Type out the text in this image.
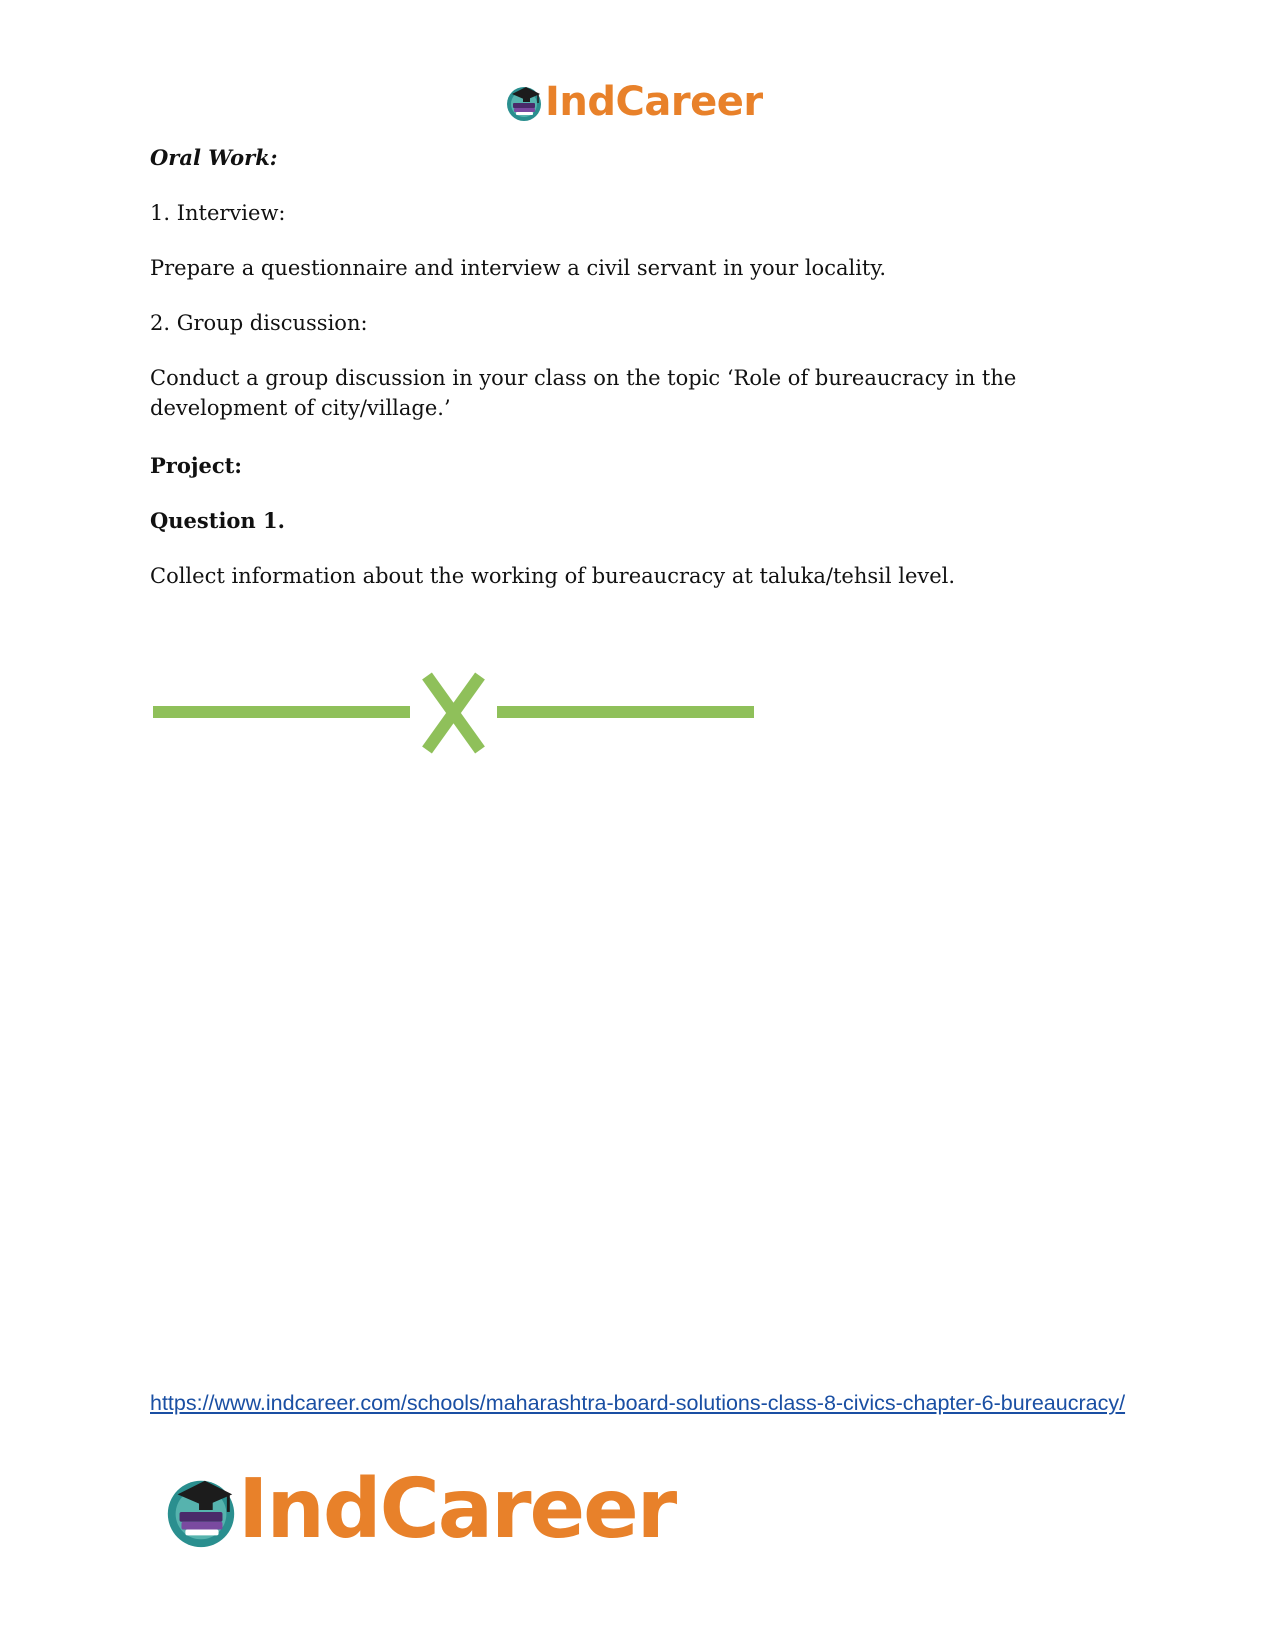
IndCareer

Oral Work:

1. Interview:

Prepare a questionnaire and interview a civil servant in your locality.

2. Group discussion:

Conduct a group discussion in your class on the topic ‘Role of bureaucracy in the development of city/village.’

Project:

Question 1.

Collect information about the working of bureaucracy at taluka/tehsil level.

https://www.indcareer.com/schools/maharashtra-board-solutions-class-8-civics-chapter-6-bureaucracy/
IndCareer
